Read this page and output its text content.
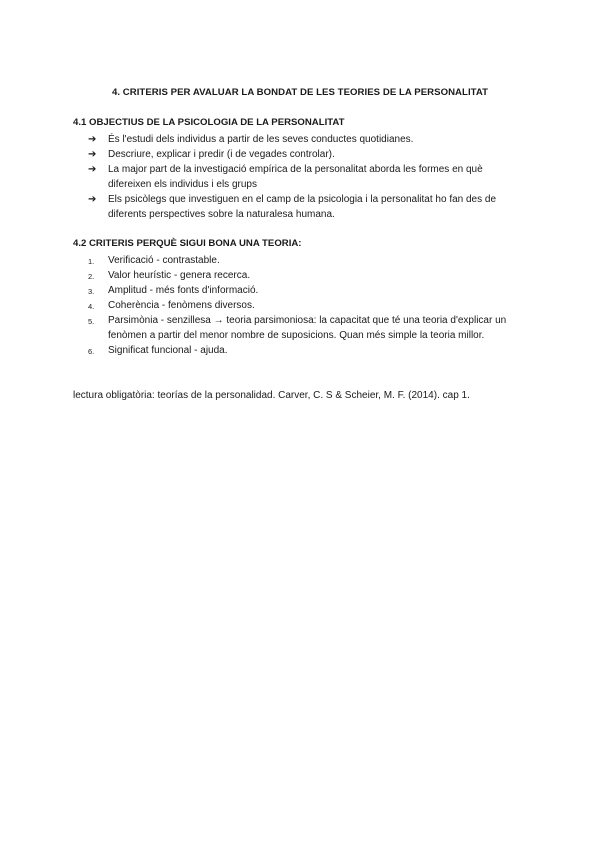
4. CRITERIS PER AVALUAR LA BONDAT DE LES TEORIES DE LA PERSONALITAT
4.1 OBJECTIUS DE LA PSICOLOGIA DE LA PERSONALITAT
➔ És l'estudi dels individus a partir de les seves conductes quotidianes.
➔ Descriure, explicar i predir (i de vegades controlar).
➔ La major part de la investigació empírica de la personalitat aborda les formes en què difereixen els individus i els grups
➔ Els psicòlegs que investiguen en el camp de la psicologia i la personalitat ho fan des de diferents perspectives sobre la naturalesa humana.
4.2 CRITERIS PERQUÈ SIGUI BONA UNA TEORIA:
1. Verificació - contrastable.
2. Valor heurístic - genera recerca.
3. Amplitud - més fonts d'informació.
4. Coherència - fenòmens diversos.
5. Parsimònia - senzillesa → teoria parsimoniosa: la capacitat que té una teoria d'explicar un fenòmen a partir del menor nombre de suposicions. Quan més simple la teoria millor.
6. Significat funcional - ajuda.
lectura obligatòria: teorías de la personalidad. Carver, C. S & Scheier, M. F. (2014). cap 1.
